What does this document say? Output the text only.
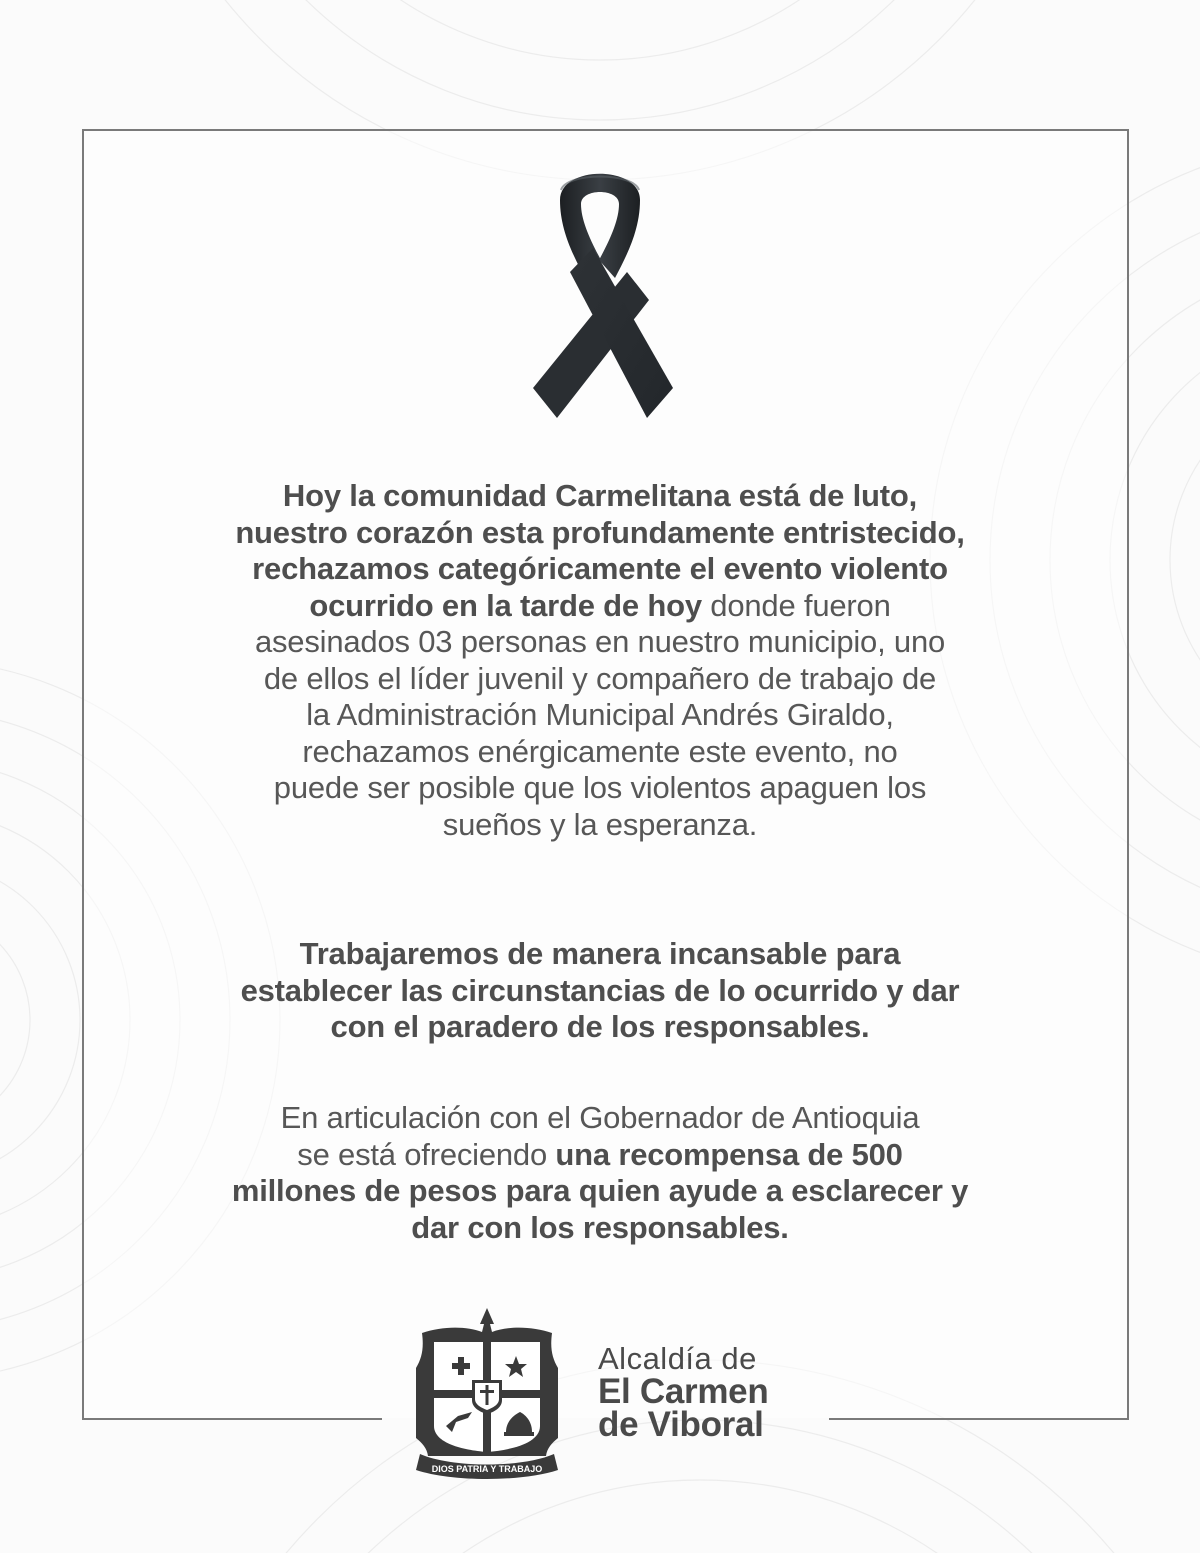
Hoy la comunidad Carmelitana está de luto,
nuestro corazón esta profundamente entristecido,
rechazamos categóricamente el evento violento
ocurrido en la tarde de hoy donde fueron
asesinados 03 personas en nuestro municipio, uno
de ellos el líder juvenil y compañero de trabajo de
la Administración Municipal Andrés Giraldo,
rechazamos enérgicamente este evento, no
puede ser posible que los violentos apaguen los
sueños y la esperanza.
Trabajaremos de manera incansable para
establecer las circunstancias de lo ocurrido y dar
con el paradero de los responsables.
En articulación con el Gobernador de Antioquia
se está ofreciendo una recompensa de 500
millones de pesos para quien ayude a esclarecer y
dar con los responsables.
DIOS PATRIA Y TRABAJO
Alcaldía de
El Carmen
de Viboral
